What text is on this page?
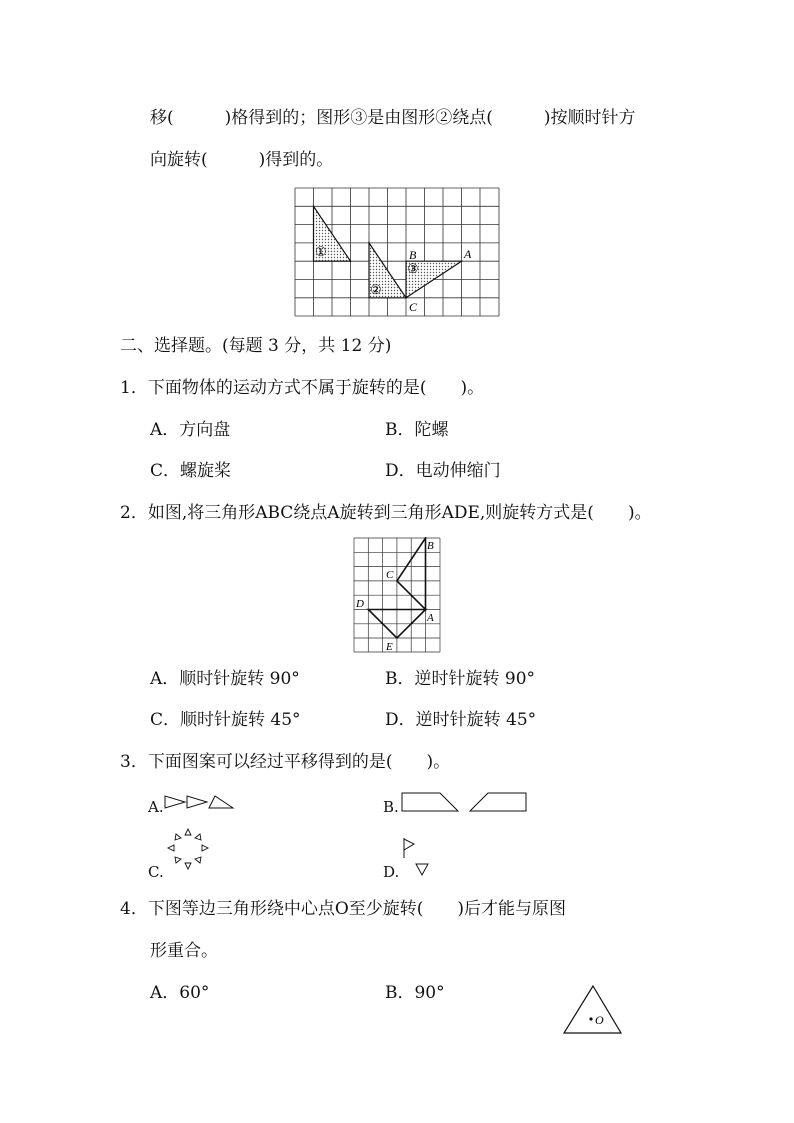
移(　　　)格得到的；图形③是由图形②绕点(　　　)按顺时针方
向旋转(　　　)得到的。
①
②
③
A
B
C
二、选择题。(每题 3 分，共 12 分)
1．下面物体的运动方式不属于旋转的是(　　)。
A．方向盘	B．陀螺
C．螺旋桨	D．电动伸缩门
2．如图,将三角形ABC绕点A旋转到三角形ADE,则旋转方式是(　　)。
A
B
C
D
E
A．顺时针旋转 90°	B．逆时针旋转 90°
C．顺时针旋转 45°	D．逆时针旋转 45°
3．下面图案可以经过平移得到的是(　　)。
A.	B.
C.	D.
4．下图等边三角形绕中心点O至少旋转(　　)后才能与原图
形重合。
A．60°	B．90°
O
